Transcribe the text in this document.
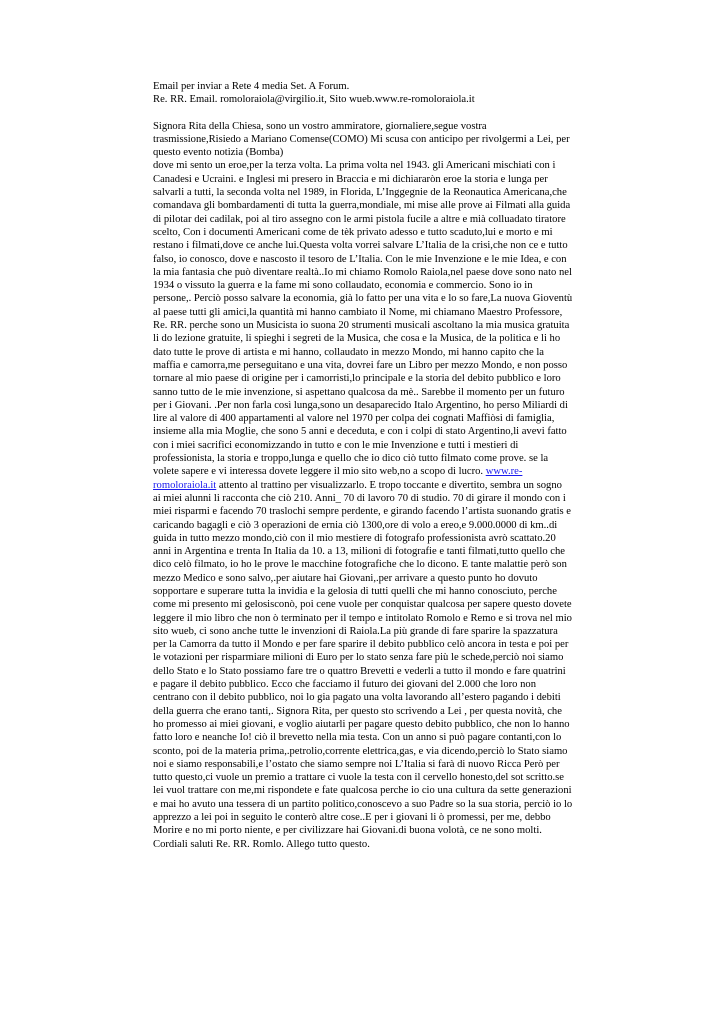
Email per inviar a Rete 4 media Set. A Forum.
Re. RR. Email. romoloraiola@virgilio.it, Sito wueb.www.re-romoloraiola.it
Signora Rita della Chiesa, sono un vostro ammiratore, giornaliere,segue vostra
trasmissione,Risiedo a Mariano Comense(COMO) Mi scusa con anticipo per rivolgermi a Lei, per
questo evento notizia (Bomba)
dove mi sento un eroe,per la terza volta. La prima volta nel 1943. gli Americani mischiati con i
Canadesi e Ucraini. e Inglesi mi presero in Braccia e mi dichiararòn eroe la storia e lunga per
salvarli a tutti, la seconda volta nel 1989, in Florida, L’Inggegnie de la Reonautica Americana,che
comandava gli bombardamenti di tutta la guerra,mondiale, mi mise alle prove ai Filmati alla guida
di pilotar dei cadilak, poi al tiro assegno con le armi pistola fucile a altre e mià colluadato tiratore
scelto, Con i documenti Americani come de tèk privato adesso e tutto scaduto,lui e morto e mi
restano i filmati,dove ce anche lui.Questa volta vorrei salvare L’Italia de la crisi,che non ce e tutto
falso, io conosco, dove e nascosto il tesoro de L’Italia. Con le mie Invenzione e le mie Idea, e con
la mia fantasia che può diventare realtà..Io mi chiamo Romolo Raiola,nel paese dove sono nato nel
1934 o vissuto la guerra e la fame mi sono collaudato, economia e commercio. Sono io in
persone,. Perciò posso salvare la economia, già lo fatto per una vita e lo so fare,La nuova Gioventù
al paese tutti gli amici,la quantità mi hanno cambiato il Nome, mi chiamano Maestro Professore,
Re. RR. perche sono un Musicista io suona 20 strumenti musicali ascoltano la mia musica gratuita
li do lezione gratuite, li spieghi i segreti de la Musica, che cosa e la Musica, de la politica e li ho
dato tutte le prove di artista e mi hanno, collaudato in mezzo Mondo, mi hanno capito che la
maffia e camorra,me perseguitano e una vita, dovrei fare un Libro per mezzo Mondo, e non posso
tornare al mio paese di origine per i camorristi,lo principale e la storia del debito pubblico e loro
sanno tutto de le mie invenzione, si aspettano qualcosa da mè.. Sarebbe il momento per un futuro
per i Giovani. .Per non farla così lunga,sono un desaparecido Italo Argentino, ho perso Miliardi di
lire al valore di 400 appartamenti al valore nel 1970 per colpa dei cognati Maffiòsi di famiglia,
insieme alla mia Moglie, che sono 5 anni e deceduta, e con i colpi di stato Argentino,li avevi fatto
con i miei sacrifici economizzando in tutto e con le mie Invenzione e tutti i mestieri di
professionista, la storia e troppo,lunga e quello che io dico ciò tutto filmato come prove. se la
volete sapere e vi interessa dovete leggere il mio sito web,no a scopo di lucro. www.re-
romoloraiola.it attento al trattino per visualizzarlo. E tropo toccante e divertito, sembra un sogno
ai miei alunni li racconta che ciò 210. Anni_ 70 di lavoro 70 di studio. 70 di girare il mondo con i
miei risparmi e facendo 70 traslochi sempre perdente, e girando facendo l’artista suonando gratis e
caricando bagagli e ciò 3 operazioni de ernia ciò 1300,ore di volo a ereo,e 9.000.0000 di km..di
guida in tutto mezzo mondo,ciò con il mio mestiere di fotografo professionista avrò scattato.20
anni in Argentina e trenta In Italia da 10. a 13, milioni di fotografie e tanti filmati,tutto quello che
dico celò filmato, io ho le prove le macchine fotografiche che lo dicono. E tante malattie però son
mezzo Medico e sono salvo,.per aiutare hai Giovani,.per arrivare a questo punto ho dovuto
sopportare e superare tutta la invidia e la gelosia di tutti quelli che mi hanno conosciuto, perche
come mi presento mi gelosisconò, poi cene vuole per conquistar qualcosa per sapere questo dovete
leggere il mio libro che non ò terminato per il tempo e intitolato Romolo e Remo e si trova nel mio
sito wueb, ci sono anche tutte le invenzioni di Raiola.La più grande di fare sparire la spazzatura
per la Camorra da tutto il Mondo e per fare sparire il debito pubblico celò ancora in testa e poi per
le votazioni per risparmiare milioni di Euro per lo stato senza fare più le schede,perciò noi siamo
dello Stato e lo Stato possiamo fare tre o quattro Brevetti e vederli a tutto il mondo e fare quatrini
e pagare il debito pubblico. Ecco che facciamo il futuro dei giovani del 2.000 che loro non
centrano con il debito pubblico, noi lo gia pagato una volta lavorando all’estero pagando i debiti
della guerra che erano tanti,. Signora Rita, per questo sto scrivendo a Lei , per questa novità, che
ho promesso ai miei giovani, e voglio aiutarli per pagare questo debito pubblico, che non lo hanno
fatto loro e neanche Io! ciò il brevetto nella mia testa. Con un anno si può pagare contanti,con lo
sconto, poi de la materia prima,.petrolio,corrente elettrica,gas, e via dicendo,perciò lo Stato siamo
noi e siamo responsabili,e l’ostato che siamo sempre noi L’Italia si farà di nuovo Ricca Però per
tutto questo,ci vuole un premio a trattare ci vuole la testa con il cervello honesto,del sot scritto.se
lei vuol trattare con me,mi rispondete e fate qualcosa perche io cio una cultura da sette generazioni
e mai ho avuto una tessera di un partito politico,conoscevo a suo Padre so la sua storia, perciò io lo
apprezzo a lei poi in seguito le conterò altre cose..E per i giovani li ò promessi, per me, debbo
Morire e no mi porto niente, e per civilizzare hai Giovani.di buona volotà, ce ne sono molti.
Cordiali saluti Re. RR. Romlo. Allego tutto questo.
